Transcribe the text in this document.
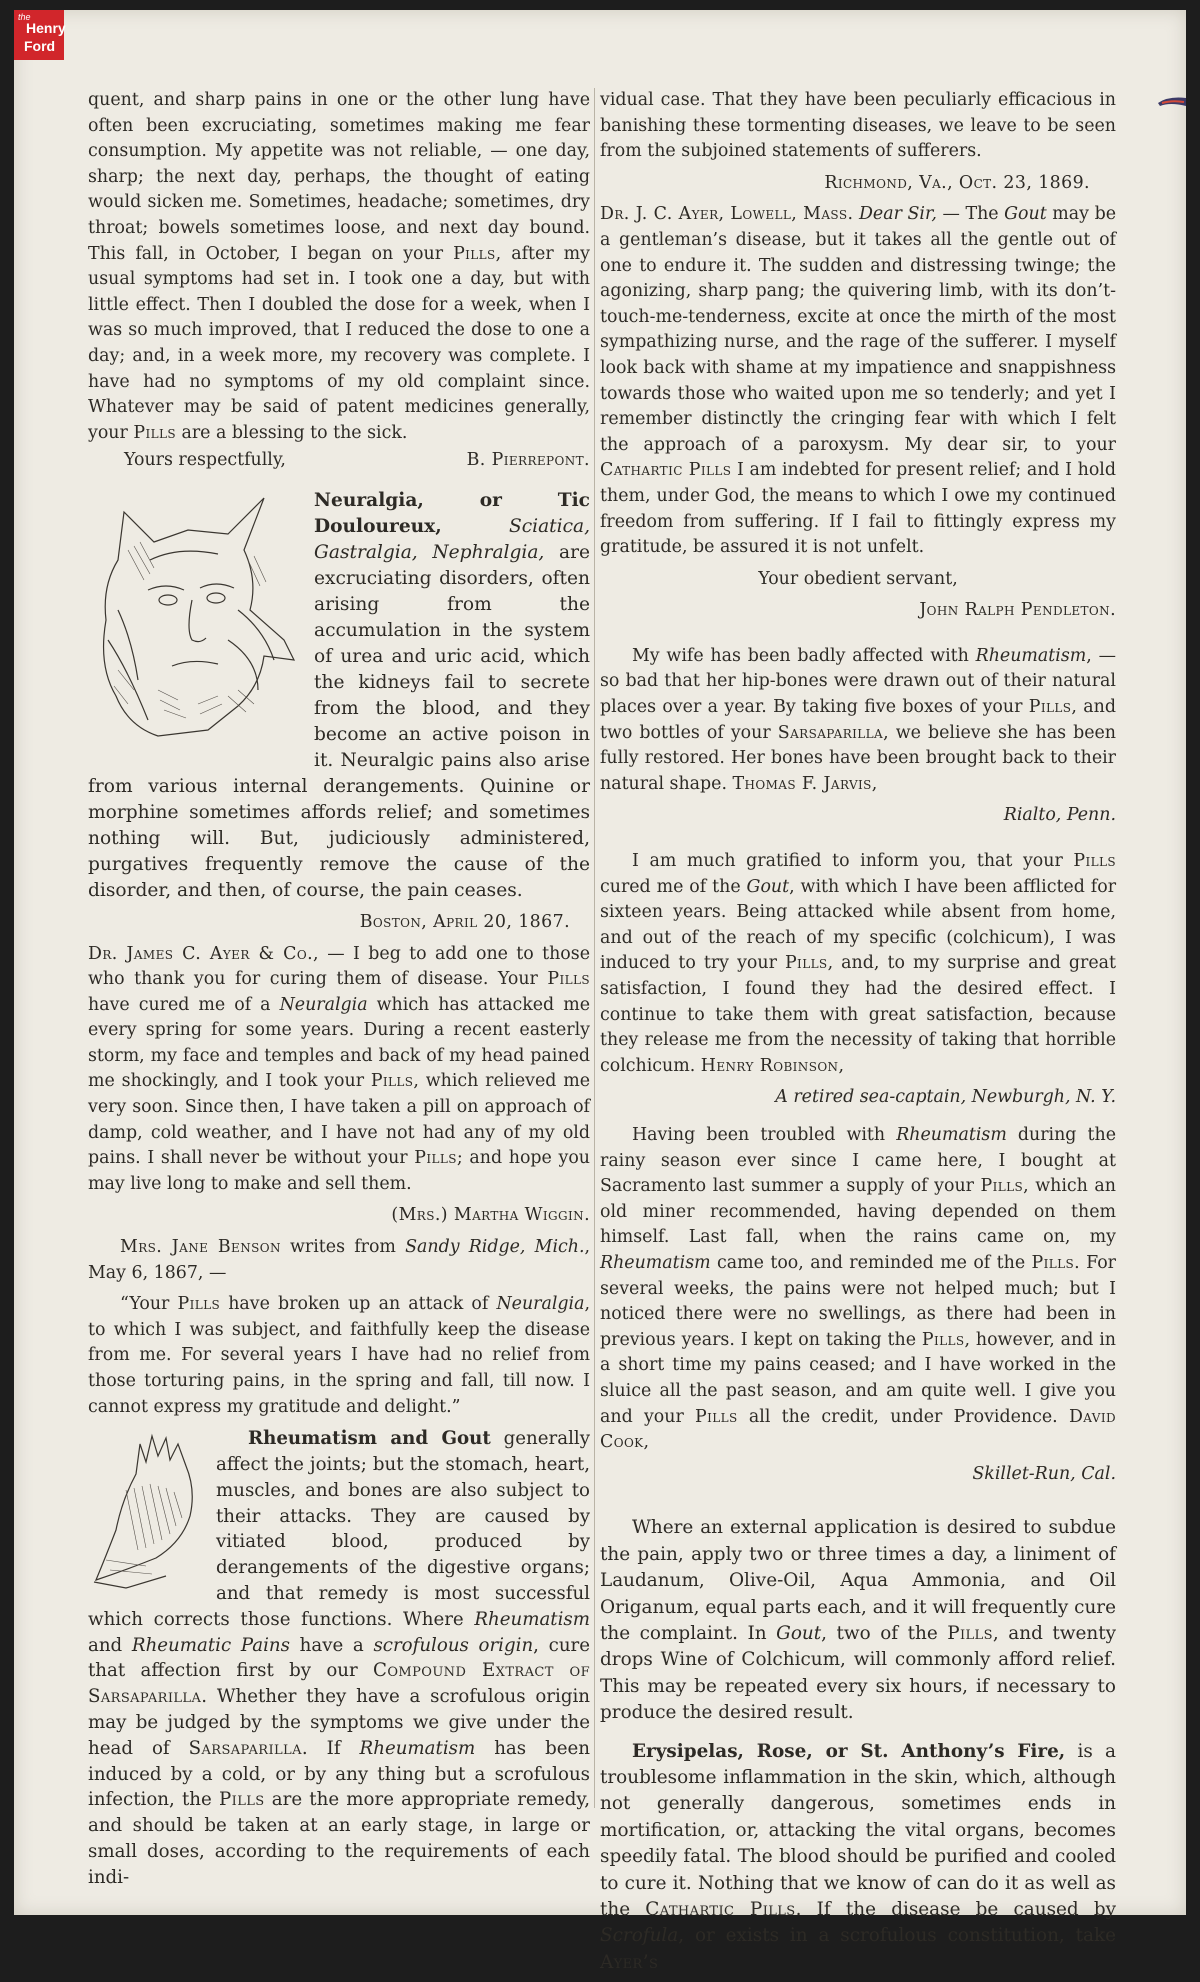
the
Henry
Ford

quent, and sharp pains in one or the other lung have often been excruciating, sometimes making me fear consumption. My appetite was not reliable, — one day, sharp; the next day, perhaps, the thought of eating would sicken me. Sometimes, headache; sometimes, dry throat; bowels sometimes loose, and next day bound. This fall, in October, I began on your Pills, after my usual symptoms had set in. I took one a day, but with little effect. Then I doubled the dose for a week, when I was so much improved, that I reduced the dose to one a day; and, in a week more, my recovery was complete. I have had no symptoms of my old complaint since. Whatever may be said of patent medicines generally, your Pills are a blessing to the sick.

Yours respectfully,	B. Pierrepont.

Neuralgia, or Tic Douloureux,	Sciatica, Gastralgia, Nephralgia, are excruciating disorders, often arising from the accumulation in the system of urea and uric acid, which the kidneys fail to secrete from the blood, and they become an active poison in it. Neuralgic pains also arise from various internal derangements. Quinine or morphine sometimes affords relief; and sometimes nothing will. But, judiciously administered, purgatives frequently remove the cause of the disorder, and then, of course, the pain ceases.

Boston, April 20, 1867.

Dr. James C. Ayer & Co., — I beg to add one to those who thank you for curing them of disease. Your Pills have cured me of a Neuralgia which has attacked me every spring for some years. During a recent easterly storm, my face and temples and back of my head pained me shockingly, and I took your Pills, which relieved me very soon. Since then, I have taken a pill on approach of damp, cold weather, and I have not had any of my old pains. I shall never be without your Pills; and hope you may live long to make and sell them.

(Mrs.) Martha Wiggin.

Mrs. Jane Benson writes from Sandy Ridge, Mich., May 6, 1867, —

“Your Pills have broken up an attack of Neuralgia, to which I was subject, and faithfully keep the disease from me. For several years I have had no relief from those torturing pains, in the spring and fall, till now. I cannot express my gratitude and delight.”

Rheumatism and Gout generally affect the joints; but the stomach, heart, muscles, and bones are also subject to their attacks. They are caused by vitiated blood, produced by derangements of the digestive organs; and that remedy is most successful which corrects those functions. Where Rheumatism and Rheumatic Pains have a scrofulous origin, cure that affection first by our Compound Extract of Sarsaparilla. Whether they have a scrofulous origin may be judged by the symptoms we give under the head of Sarsaparilla. If Rheumatism has been induced by a cold, or by any thing but a scrofulous infection, the Pills are the more appropriate remedy, and should be taken at an early stage, in large or small doses, according to the requirements of each indi-

vidual case. That they have been peculiarly efficacious in banishing these tormenting diseases, we leave to be seen from the subjoined statements of sufferers.

Richmond, Va., Oct. 23, 1869.

Dr. J. C. Ayer, Lowell, Mass. Dear Sir, — The Gout may be a gentleman’s disease, but it takes all the gentle out of one to endure it. The sudden and distressing twinge; the agonizing, sharp pang; the quivering limb, with its don’t-touch-me-tenderness, excite at once the mirth of the most sympathizing nurse, and the rage of the sufferer. I myself look back with shame at my impatience and snappishness towards those who waited upon me so tenderly; and yet I remember distinctly the cringing fear with which I felt the approach of a paroxysm. My dear sir, to your Cathartic Pills I am indebted for present relief; and I hold them, under God, the means to which I owe my continued freedom from suffering. If I fail to fittingly express my gratitude, be assured it is not unfelt.

Your obedient servant,

John Ralph Pendleton.

My wife has been badly affected with Rheumatism, — so bad that her hip-bones were drawn out of their natural places over a year. By taking five boxes of your Pills, and two bottles of your Sarsaparilla, we believe she has been fully restored. Her bones have been brought back to their natural shape. Thomas F. Jarvis,

Rialto, Penn.

I am much gratified to inform you, that your Pills cured me of the Gout, with which I have been afflicted for sixteen years. Being attacked while absent from home, and out of the reach of my specific (colchicum), I was induced to try your Pills, and, to my surprise and great satisfaction, I found they had the desired effect. I continue to take them with great satisfaction, because they release me from the necessity of taking that horrible colchicum. Henry Robinson,

A retired sea-captain, Newburgh, N. Y.

Having been troubled with Rheumatism during the rainy season ever since I came here, I bought at Sacramento last summer a supply of your Pills, which an old miner recommended, having depended on them himself. Last fall, when the rains came on, my Rheumatism came too, and reminded me of the Pills. For several weeks, the pains were not helped much; but I noticed there were no swellings, as there had been in previous years. I kept on taking the Pills, however, and in a short time my pains ceased; and I have worked in the sluice all the past season, and am quite well. I give you and your Pills all the credit, under Providence. David Cook,

Skillet-Run, Cal.

Where an external application is desired to subdue the pain, apply two or three times a day, a liniment of Laudanum, Olive-Oil, Aqua Ammonia, and Oil Origanum, equal parts each, and it will frequently cure the complaint. In Gout, two of the Pills, and twenty drops Wine of Colchicum, will commonly afford relief. This may be repeated every six hours, if necessary to produce the desired result.

Erysipelas, Rose, or St. Anthony’s Fire, is a troublesome inflammation in the skin, which, although not generally dangerous, sometimes ends in mortification, or, attacking the vital organs, becomes speedily fatal. The blood should be purified and cooled to cure it. Nothing that we know of can do it as well as the Cathartic Pills. If the disease be caused by Scrofula, or exists in a scrofulous constitution, take Ayer’s
